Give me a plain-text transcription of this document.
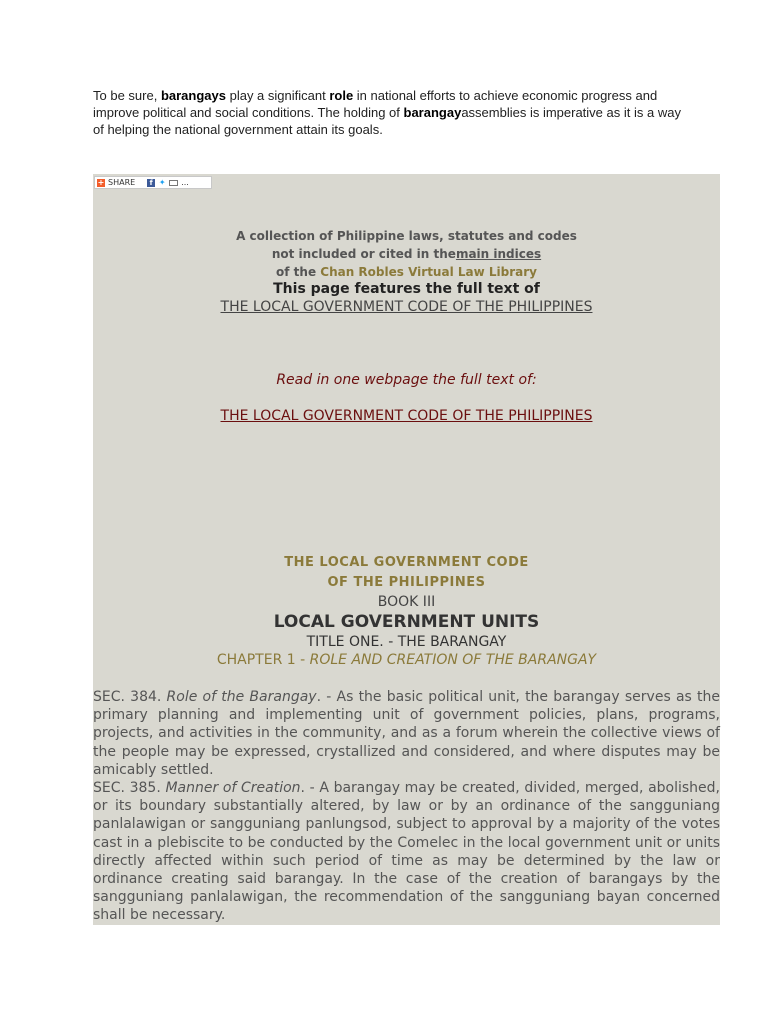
To be sure, barangays play a significant role in national efforts to achieve economic progress and improve political and social conditions. The holding of barangayassemblies is imperative as it is a way of helping the national government attain its goals.
+ SHARE	f ✦ ...
A collection of Philippine laws, statutes and codes
not included or cited in themain indices
of the Chan Robles Virtual Law Library
This page features the full text of
THE LOCAL GOVERNMENT CODE OF THE PHILIPPINES
Read in one webpage the full text of:
THE LOCAL GOVERNMENT CODE OF THE PHILIPPINES
THE LOCAL GOVERNMENT CODE
OF THE PHILIPPINES
BOOK III
LOCAL GOVERNMENT UNITS
TITLE ONE. - THE BARANGAY
CHAPTER 1 - ROLE AND CREATION OF THE BARANGAY
SEC. 384. Role of the Barangay. - As the basic political unit, the barangay serves as the primary planning and implementing unit of government policies, plans, programs, projects, and activities in the community, and as a forum wherein the collective views of the people may be expressed, crystallized and considered, and where disputes may be amicably settled.
SEC. 385. Manner of Creation. - A barangay may be created, divided, merged, abolished, or its boundary substantially altered, by law or by an ordinance of the sangguniang panlalawigan or sangguniang panlungsod, subject to approval by a majority of the votes cast in a plebiscite to be conducted by the Comelec in the local government unit or units directly affected within such period of time as may be determined by the law or ordinance creating said barangay. In the case of the creation of barangays by the sangguniang panlalawigan, the recommendation of the sangguniang bayan concerned shall be necessary.
